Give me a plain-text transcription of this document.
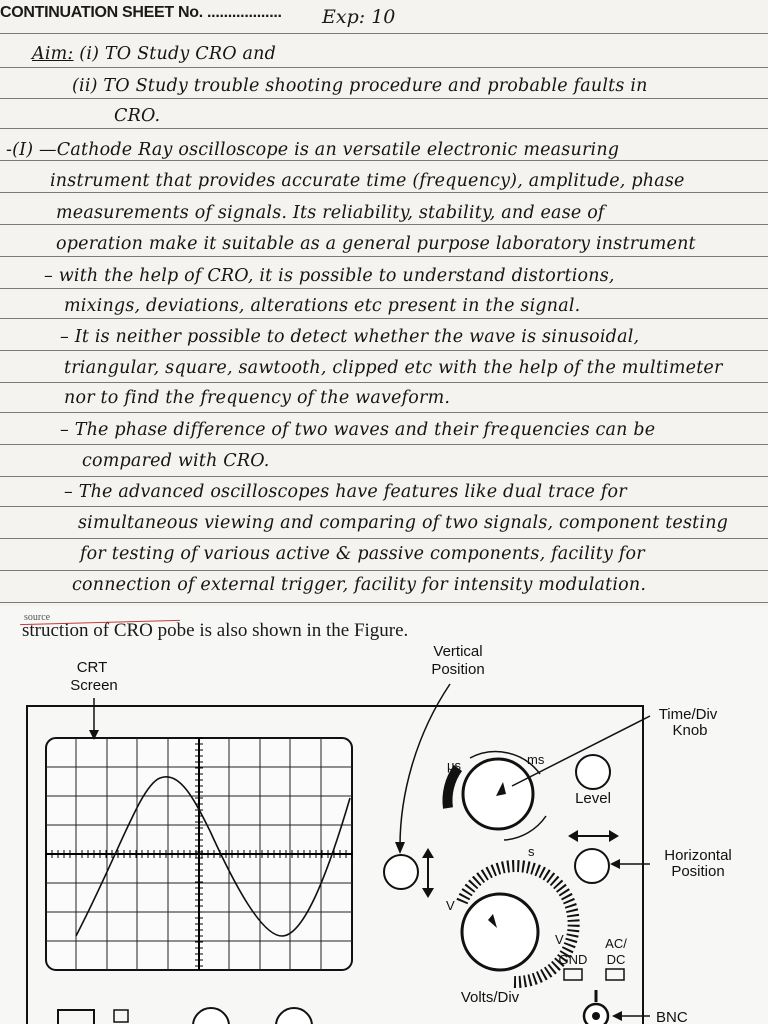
CONTINUATION SHEET No. .................. Exp: 10
Aim: (i) TO Study CRO and
(ii) TO Study trouble shooting procedure and probable faults in
CRO.
-(I) —Cathode Ray oscilloscope is an versatile electronic measuring
instrument that provides accurate time (frequency), amplitude, phase
measurements of signals. Its reliability, stability, and ease of
operation make it suitable as a general purpose laboratory instrument
– with the help of CRO, it is possible to understand distortions,
mixings, deviations, alterations etc present in the signal.
– It is neither possible to detect whether the wave is sinusoidal,
triangular, square, sawtooth, clipped etc with the help of the multimeter
nor to find the frequency of the waveform.
– The phase difference of two waves and their frequencies can be
compared with CRO.
– The advanced oscilloscopes have features like dual trace for
simultaneous viewing and comparing of two signals, component testing
for testing of various active & passive components, facility for
connection of external trigger, facility for intensity modulation.
source
struction of CRO pobe is also shown in the Figure.
CRT
Screen
Vertical
Position
μs	ms
s
Time/Div
Knob
Level
Horizontal
Position
V
V
Volts/Div
GND
AC/
DC
BNC
